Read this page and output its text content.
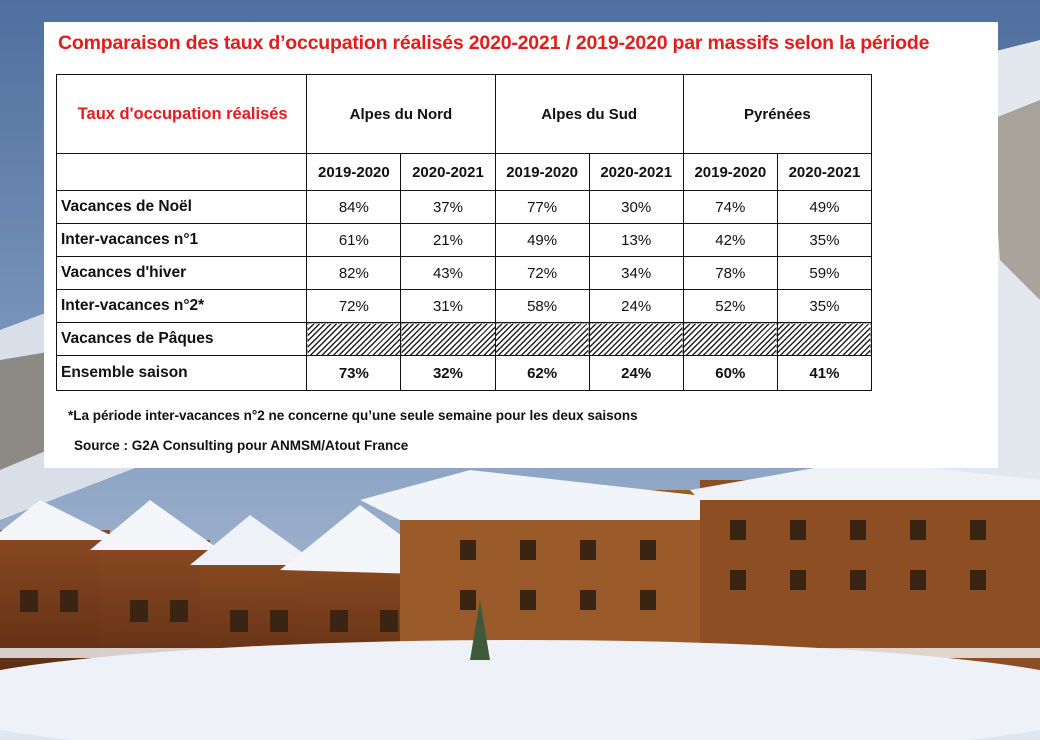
Comparaison des taux d’occupation réalisés 2020-2021 / 2019-2020 par massifs selon la période
Taux d'occupation réalisés	Alpes du Nord		Alpes du Sud		Pyrénées	
	2019-2020	2020-2021	2019-2020	2020-2021	2019-2020	2020-2021
Vacances de Noël	84%	37%	77%	30%	74%	49%
Inter-vacances n°1	61%	21%	49%	13%	42%	35%
Vacances d'hiver	82%	43%	72%	34%	78%	59%
Inter-vacances n°2*	72%	31%	58%	24%	52%	35%
Vacances de Pâques						
Ensemble saison	73%	32%	62%	24%	60%	41%
*La période inter-vacances n°2 ne concerne qu’une seule semaine pour les deux saisons
Source : G2A Consulting pour ANMSM/Atout France
